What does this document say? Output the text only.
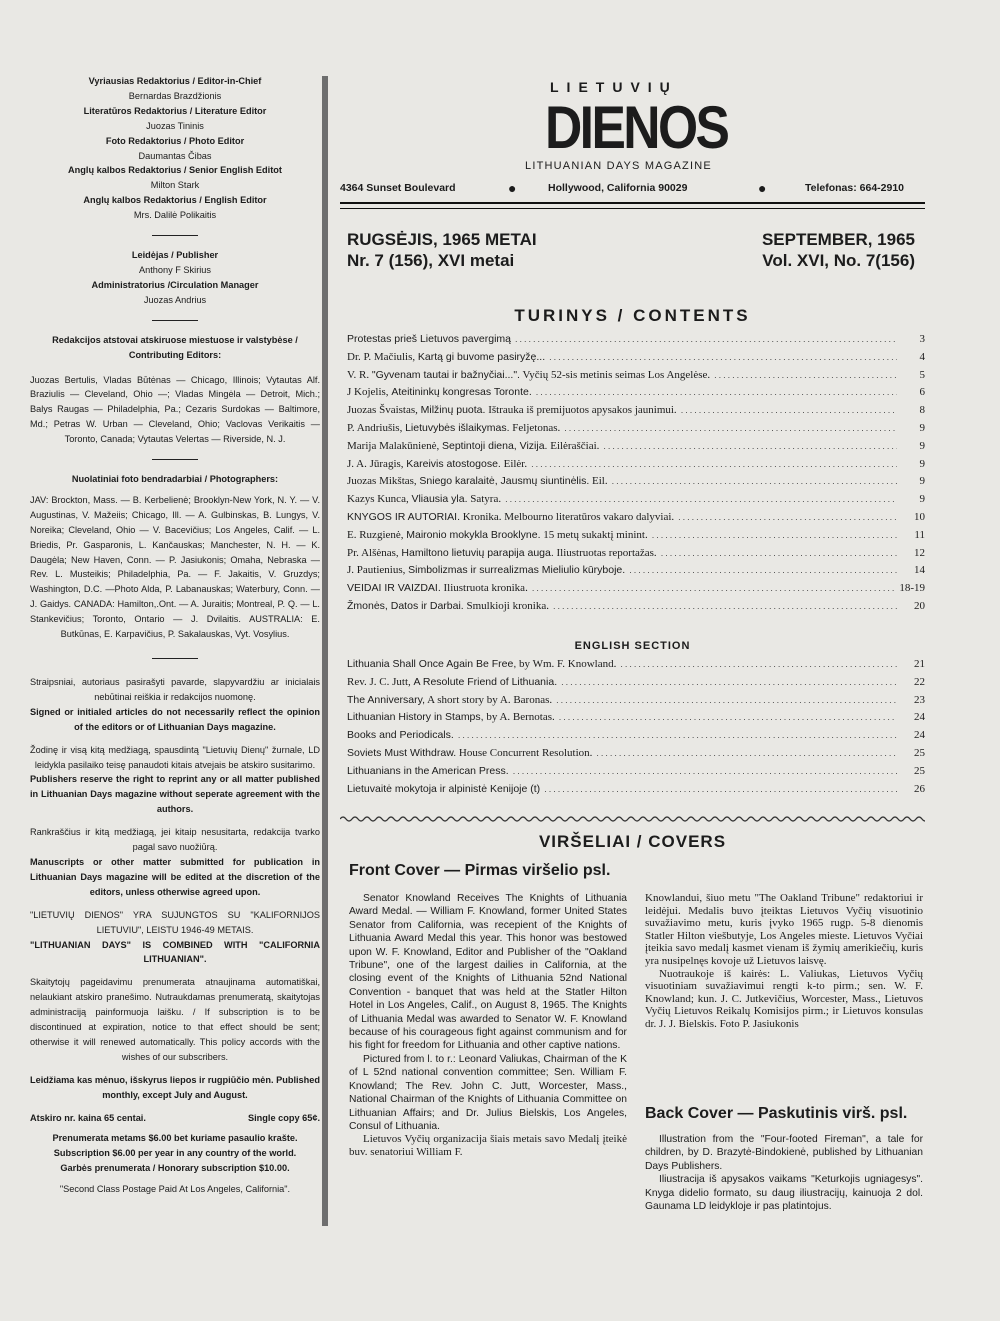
Vyriausias Redaktorius / Editor-in-Chief

Bernardas Brazdžionis

Literatūros Redaktorius / Literature Editor

Juozas Tininis

Foto Redaktorius / Photo Editor

Daumantas Čibas

Anglų kalbos Redaktorius / Senior English Editot

Milton Stark

Anglų kalbos Redaktorius / English Editor

Mrs. Dalilė Polikaitis

Leidėjas / Publisher

Anthony F Skirius

Administratorius /Circulation Manager

Juozas Andrius

Redakcijos atstovai atskiruose miestuose ir valstybėse / Contributing Editors:

Juozas Bertulis, Vladas Būtėnas — Chicago, Illinois; Vytautas Alf. Braziulis — Cleveland, Ohio —; Vladas Mingėla — Detroit, Mich.; Balys Raugas — Philadelphia, Pa.; Cezaris Surdokas — Baltimore, Md.; Petras W. Urban — Cleveland, Ohio; Vaclovas Verikaitis — Toronto, Canada; Vytautas Velertas — Riverside, N. J.

Nuolatiniai foto bendradarbiai / Photographers:

JAV: Brockton, Mass. — B. Kerbelienė; Brooklyn-New York, N. Y. — V. Augustinas, V. Mažeiis; Chicago, Ill. — A. Gulbinskas, B. Lungys, V. Noreika; Cleveland, Ohio — V. Bacevičius; Los Angeles, Calif. — L. Briedis, Pr. Gasparonis, L. Kančauskas; Manchester, N. H. — K. Daugėla; New Haven, Conn. — P. Jasiukonis; Omaha, Nebraska — Rev. L. Musteikis; Philadelphia, Pa. — F. Jakaitis, V. Gruzdys; Washington, D.C. —Photo Alda, P. Labanauskas; Waterbury, Conn. — J. Gaidys. CANADA: Hamilton,.Ont. — A. Juraitis; Montreal, P. Q. — L. Stankevičius; Toronto, Ontario — J. Dvilaitis. AUSTRALIA: E. Butkūnas, E. Karpavičius, P. Sakalauskas, Vyt. Vosylius.

Straipsniai, autoriaus pasirašyti pavarde, slapyvardžiu ar inicialais nebūtinai reiškia ir redakcijos nuomonę.

Signed or initialed articles do not necessarily reflect the opinion of the editors or of Lithuanian Days magazine.

Žodinę ir visą kitą medžiagą, spausdintą "Lietuvių Dienų" žurnale, LD leidykla pasilaiko teisę panaudoti kitais atvejais be atskiro susitarimo.

Publishers reserve the right to reprint any or all matter published in Lithuanian Days magazine without seperate agreement with the authors.

Rankraščius ir kitą medžiagą, jei kitaip nesusitarta, redakcija tvarko pagal savo nuožiūrą.

Manuscripts or other matter submitted for publication in Lithuanian Days magazine will be edited at the discretion of the editors, unless otherwise agreed upon.

"LIETUVIŲ DIENOS" YRA SUJUNGTOS SU "KALIFORNIJOS LIETUVIU", LEISTU 1946-49 METAIS.

"LITHUANIAN DAYS" IS COMBINED WITH "CALIFORNIA LITHUANIAN".

Skaitytojų pageidavimu prenumerata atnaujinama automatiškai, nelaukiant atskiro pranešimo. Nutraukdamas prenumeratą, skaitytojas administraciją painformuoja laišku. / If subscription is to be discontinued at expiration, notice to that effect should be sent; otherwise it will renewed automatically. This policy accords with the wishes of our subscribers.

Leidžiama kas mėnuo, išskyrus liepos ir rugpiūčio mėn. Published monthly, except July and August.

Atskiro nr. kaina 65 centai.	Single copy 65¢.

Prenumerata metams $6.00 bet kuriame pasaulio krašte.

Subscription $6.00 per year in any country of the world.

Garbės prenumerata / Honorary subscription $10.00.

"Second Class Postage Paid At Los Angeles, California".

LIETUVIŲ
DIENOS
LITHUANIAN DAYS MAGAZINE
4364 Sunset Boulevard	●	Hollywood, California 90029	●	Telefonas: 664-2910
RUGSĖJIS, 1965 METAI
Nr. 7 (156), XVI metai
SEPTEMBER, 1965
Vol. XVI, No. 7(156)
TURINYS / CONTENTS
Protestas prieš Lietuvos pavergimą .....	3
Dr. P. Mačiulis, Kartą gi buvome pasiryžę... .....	4
V. R. "Gyvenam tautai ir bažnyčiai...". Vyčių 52-sis metinis seimas Los Angelėse. .....	5
J Kojelis, Ateitininkų kongresas Toronte. .....	6
Juozas Švaistas, Milžinų puota. Ištrauka iš premijuotos apysakos jaunimui. .....	8
P. Andriušis, Lietuvybės išlaikymas. Feljetonas. .....	9
Marija Malakūnienė, Septintoji diena, Vizija. Eilėraščiai. .....	9
J. A. Jūragis, Kareivis atostogose. Eilėr. .....	9
Juozas Mikštas, Sniego karalaitė, Jausmų siuntinėlis. Eil. .....	9
Kazys Kunca, Vliausia yla. Satyra. .....	9
KNYGOS IR AUTORIAI. Kronika. Melbourno literatūros vakaro dalyviai. .....	10
E. Ruzgienė, Maironio mokykla Brooklyne. 15 metų sukaktį minint. .....	11
Pr. Alšėnas, Hamiltono lietuvių parapija auga. Iliustruotas reportažas. .....	12
J. Pautienius, Simbolizmas ir surrealizmas Mieliulio kūryboje. .....	14
VEIDAI IR VAIZDAI. Iliustruota kronika. .....	18-19
Žmonės, Datos ir Darbai. Smulkioji kronika. .....	20
ENGLISH SECTION
Lithuania Shall Once Again Be Free, by Wm. F. Knowland. .....	21
Rev. J. C. Jutt, A Resolute Friend of Lithuania. .....	22
The Anniversary, A short story by A. Baronas. .....	23
Lithuanian History in Stamps, by A. Bernotas. .....	24
Books and Periodicals. .....	24
Soviets Must Withdraw. House Concurrent Resolution. .....	25
Lithuanians in the American Press. .....	25
Lietuvaitė mokytoja ir alpinistė Kenijoje (t) .....	26
VIRŠELIAI / COVERS
Front Cover — Pirmas viršelio psl.

Senator Knowland Receives The Knights of Lithuania Award Medal. — William F. Knowland, former United States Senator from California, was recepient of the Knights of Lithuania Award Medal this year. This honor was bestowed upon W. F. Knowland, Editor and Publisher of the "Oakland Tribune", one of the largest dailies in California, at the closing event of the Knights of Lithuania 52nd National Convention - banquet that was held at the Statler Hilton Hotel in Los Angeles, Calif., on August 8, 1965. The Knights of Lithuania Medal was awarded to Senator W. F. Knowland because of his courageous fight against communism and for his fight for freedom for Lithuania and other captive nations.

Pictured from l. to r.: Leonard Valiukas, Chairman of the K of L 52nd national convention committee; Sen. William F. Knowland; The Rev. John C. Jutt, Worcester, Mass., National Chairman of the Knights of Lithuania Committee on Lithuanian Affairs; and Dr. Julius Bielskis, Los Angeles, Consul of Lithuania.

Lietuvos Vyčių organizacija šiais metais savo Medalį įteikė buv. senatoriui William F.

Knowlandui, šiuo metu "The Oakland Tribune" redaktoriui ir leidėjui. Medalis buvo įteiktas Lietuvos Vyčių visuotinio suvažiavimo metu, kuris įvyko 1965 rugp. 5-8 dienomis Statler Hilton viešbutyje, Los Angeles mieste. Lietuvos Vyčiai įteikia savo medalį kasmet vienam iš žymių amerikiečių, kuris yra nusipelnęs kovoje už Lietuvos laisvę.

Nuotraukoje iš kairės: L. Valiukas, Lietuvos Vyčių visuotiniam suvažiavimui rengti k-to pirm.; sen. W. F. Knowland; kun. J. C. Jutkevičius, Worcester, Mass., Lietuvos Vyčių Lietuvos Reikalų Komisijos pirm.; ir Lietuvos konsulas dr. J. J. Bielskis. Foto P. Jasiukonis

Back Cover — Paskutinis virš. psl.

Illustration from the "Four-footed Fireman", a tale for children, by D. Brazytė-Bindokienė, published by Lithuanian Days Publishers.

Iliustracija iš apysakos vaikams "Keturkojis ugniagesys". Knyga didelio formato, su daug iliustracijų, kainuoja 2 dol. Gaunama LD leidykloje ir pas platintojus.
